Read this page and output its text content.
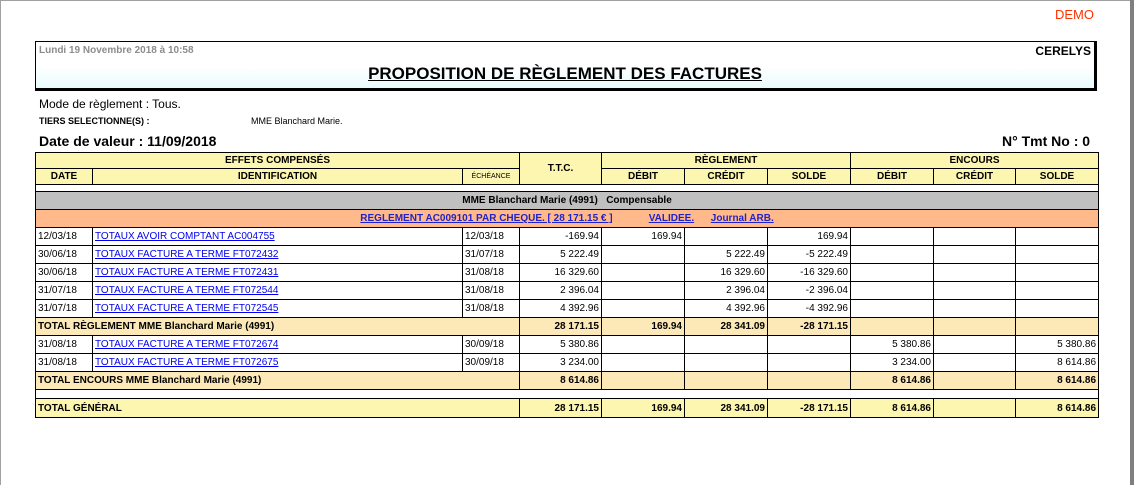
DEMO
Lundi 19 Novembre 2018 à 10:58	CERELYS
PROPOSITION DE RÈGLEMENT DES FACTURES
Mode de règlement : Tous.
TIERS SELECTIONNE(S) :	MME Blanchard Marie.
Date de valeur : 11/09/2018	N° Tmt No : 0
EFFETS COMPENSÉS			T.T.C.	RÈGLEMENT			ENCOURS		
DATE	IDENTIFICATION	ÉCHÉANCE		DÉBIT	CRÉDIT	SOLDE	DÉBIT	CRÉDIT	SOLDE

MME Blanchard Marie (4991) Compensable									
REGLEMENT AC009101 PAR CHEQUE. [ 28 171.15 € ] VALIDEE. Journal ARB.									
12/03/18	TOTAUX AVOIR COMPTANT AC004755	12/03/18	-169.94	169.94		169.94			
30/06/18	TOTAUX FACTURE A TERME FT072432	31/07/18	5 222.49		5 222.49	-5 222.49			
30/06/18	TOTAUX FACTURE A TERME FT072431	31/08/18	16 329.60		16 329.60	-16 329.60			
31/07/18	TOTAUX FACTURE A TERME FT072544	31/08/18	2 396.04		2 396.04	-2 396.04			
31/07/18	TOTAUX FACTURE A TERME FT072545	31/08/18	4 392.96		4 392.96	-4 392.96			
TOTAL RÈGLEMENT MME Blanchard Marie (4991)			28 171.15	169.94	28 341.09	-28 171.15			
31/08/18	TOTAUX FACTURE A TERME FT072674	30/09/18	5 380.86				5 380.86		5 380.86
31/08/18	TOTAUX FACTURE A TERME FT072675	30/09/18	3 234.00				3 234.00		8 614.86
TOTAL ENCOURS MME Blanchard Marie (4991)			8 614.86				8 614.86		8 614.86

TOTAL GÉNÉRAL			28 171.15	169.94	28 341.09	-28 171.15	8 614.86		8 614.86
